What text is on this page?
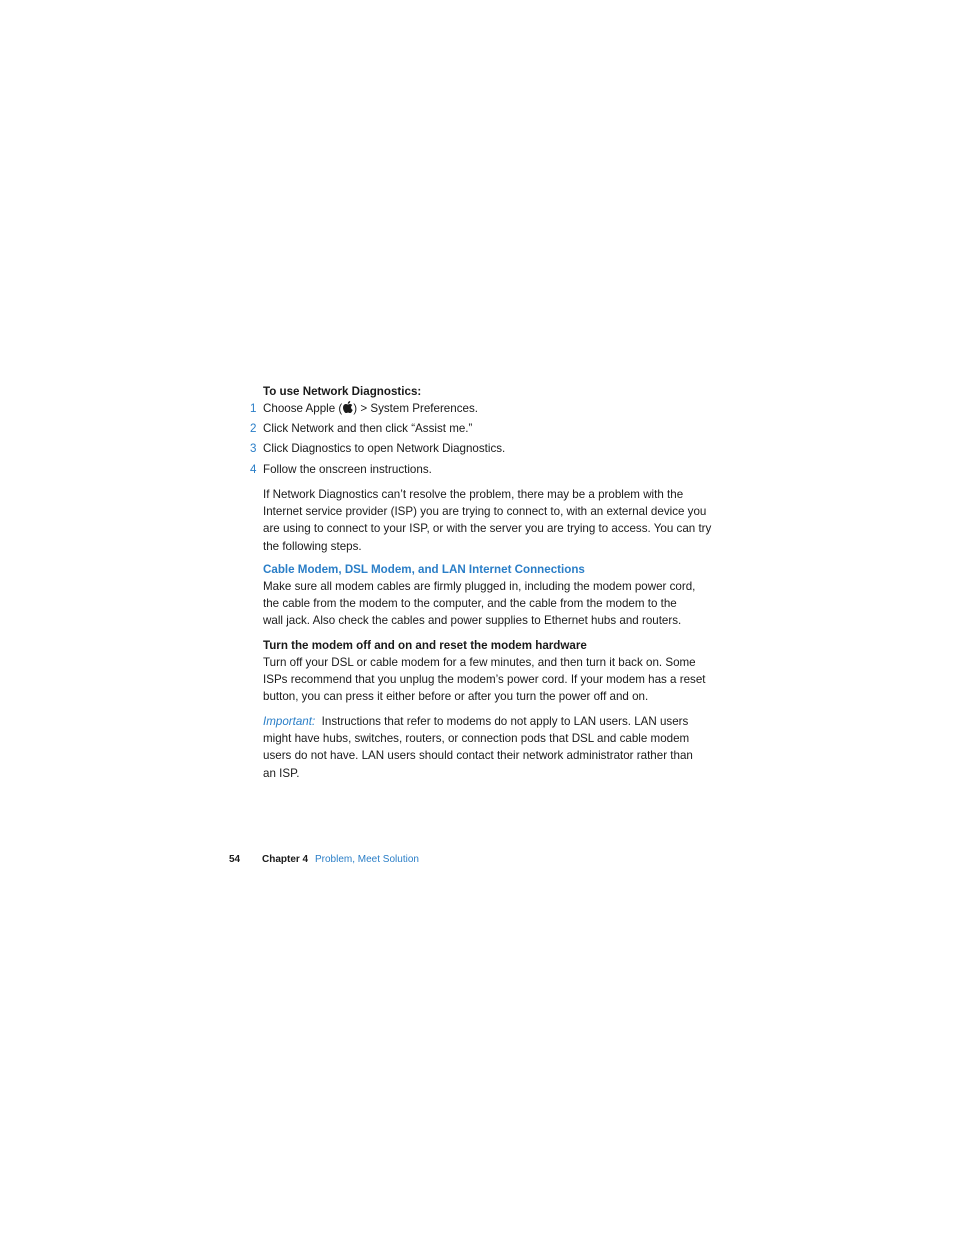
To use Network Diagnostics:
1 Choose Apple ( ) > System Preferences.
2 Click Network and then click “Assist me.”
3 Click Diagnostics to open Network Diagnostics.
4 Follow the onscreen instructions.
If Network Diagnostics can’t resolve the problem, there may be a problem with the
Internet service provider (ISP) you are trying to connect to, with an external device you
are using to connect to your ISP, or with the server you are trying to access. You can try
the following steps.
Cable Modem, DSL Modem, and LAN Internet Connections
Make sure all modem cables are firmly plugged in, including the modem power cord,
the cable from the modem to the computer, and the cable from the modem to the
wall jack. Also check the cables and power supplies to Ethernet hubs and routers.
Turn the modem off and on and reset the modem hardware
Turn off your DSL or cable modem for a few minutes, and then turn it back on. Some
ISPs recommend that you unplug the modem’s power cord. If your modem has a reset
button, you can press it either before or after you turn the power off and on.
Important: Instructions that refer to modems do not apply to LAN users. LAN users
might have hubs, switches, routers, or connection pods that DSL and cable modem
users do not have. LAN users should contact their network administrator rather than
an ISP.
54 Chapter 4 Problem, Meet Solution
